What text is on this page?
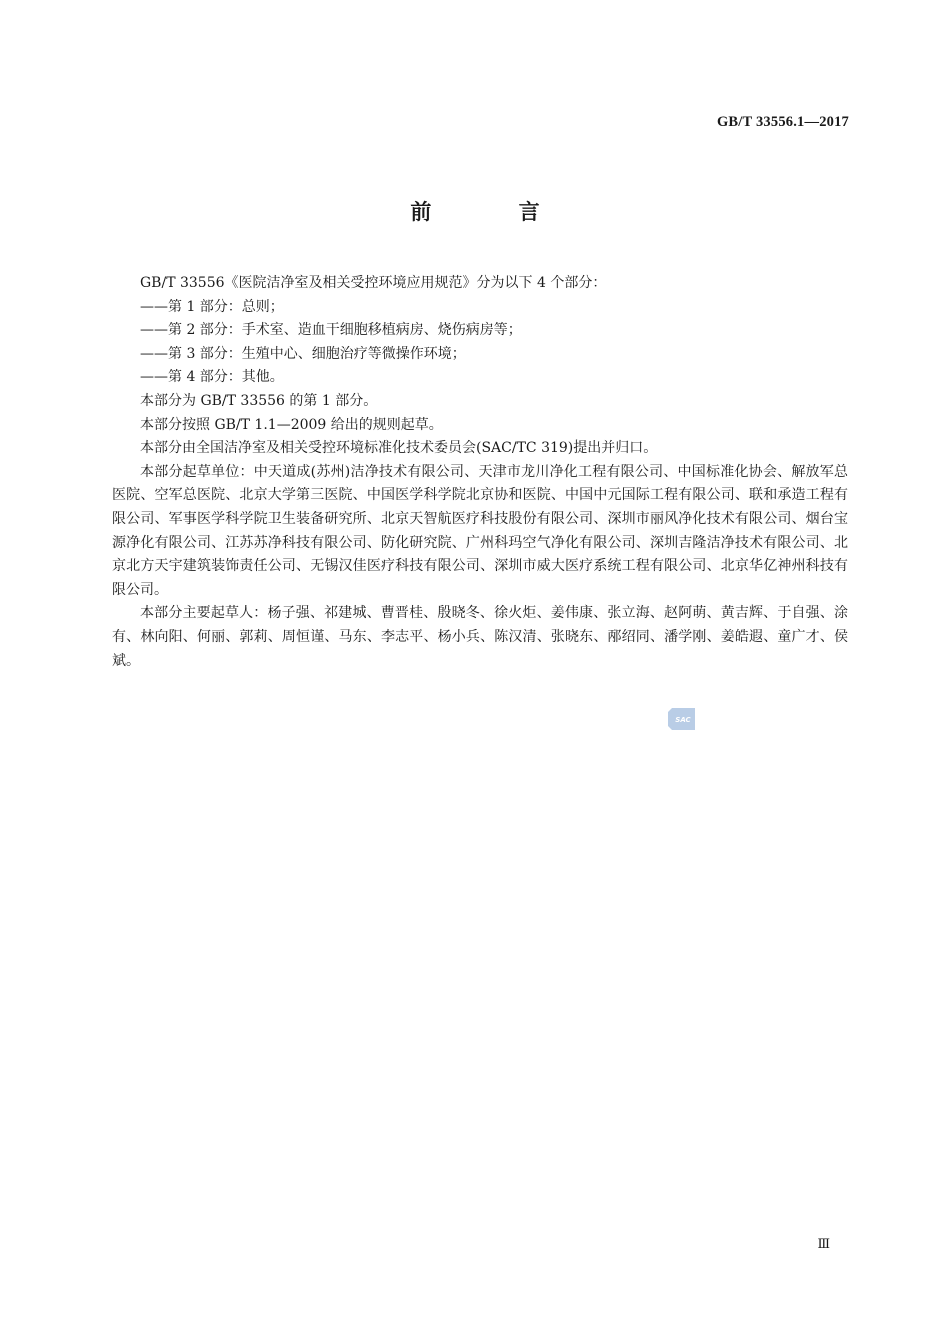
GB/T 33556.1—2017
前 言

GB/T 33556《医院洁净室及相关受控环境应用规范》分为以下 4 个部分：

——第 1 部分：总则；

——第 2 部分：手术室、造血干细胞移植病房、烧伤病房等；

——第 3 部分：生殖中心、细胞治疗等微操作环境；

——第 4 部分：其他。

本部分为 GB/T 33556 的第 1 部分。

本部分按照 GB/T 1.1—2009 给出的规则起草。

本部分由全国洁净室及相关受控环境标准化技术委员会(SAC/TC 319)提出并归口。

本部分起草单位：中天道成(苏州)洁净技术有限公司、天津市龙川净化工程有限公司、中国标准化协会、解放军总医院、空军总医院、北京大学第三医院、中国医学科学院北京协和医院、中国中元国际工程有限公司、联和承造工程有限公司、军事医学科学院卫生装备研究所、北京天智航医疗科技股份有限公司、深圳市丽风净化技术有限公司、烟台宝源净化有限公司、江苏苏净科技有限公司、防化研究院、广州科玛空气净化有限公司、深圳吉隆洁净技术有限公司、北京北方天宇建筑装饰责任公司、无锡汉佳医疗科技有限公司、深圳市威大医疗系统工程有限公司、北京华亿神州科技有限公司。

本部分主要起草人：杨子强、祁建城、曹晋桂、殷晓冬、徐火炬、姜伟康、张立海、赵阿萌、黄吉辉、于自强、涂有、林向阳、何丽、郭莉、周恒谨、马东、李志平、杨小兵、陈汉清、张晓东、邴绍同、潘学刚、姜皓遐、童广才、侯斌。

SAC
Ⅲ
